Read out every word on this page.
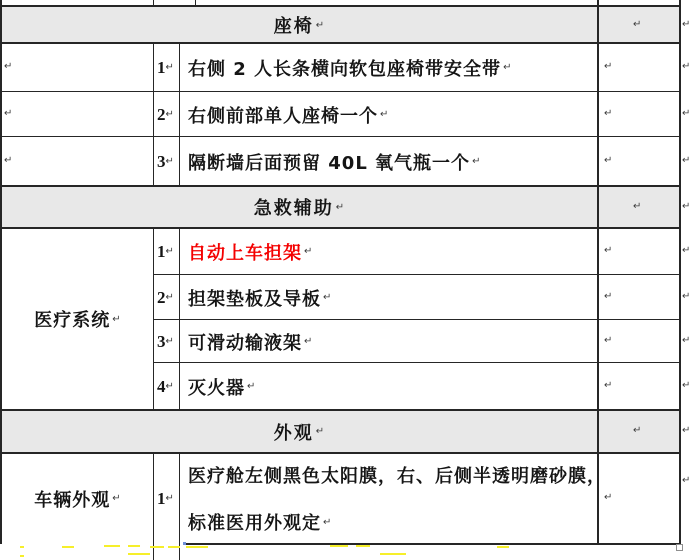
座椅 ↵
急救辅助 ↵
外观 ↵
医疗系统 ↵
车辆外观 ↵
↵
↵
↵
1 ↵
2 ↵
3 ↵
1 ↵
2 ↵
3 ↵
4 ↵
1 ↵
右侧 2 人长条横向软包座椅带安全带 ↵
右侧前部单人座椅一个 ↵
隔断墙后面预留 40L 氧气瓶一个 ↵
自动上车担架 ↵
担架垫板及导板 ↵
可滑动输液架 ↵
灭火器 ↵
医疗舱左侧黑色太阳膜，右、后侧半透明磨砂膜，
标准医用外观定 ↵
↵
↵
↵
↵
↵
↵
↵
↵
↵
↵
↵
↵
↵
↵
↵
↵
↵
↵
↵
↵
↵
↵
